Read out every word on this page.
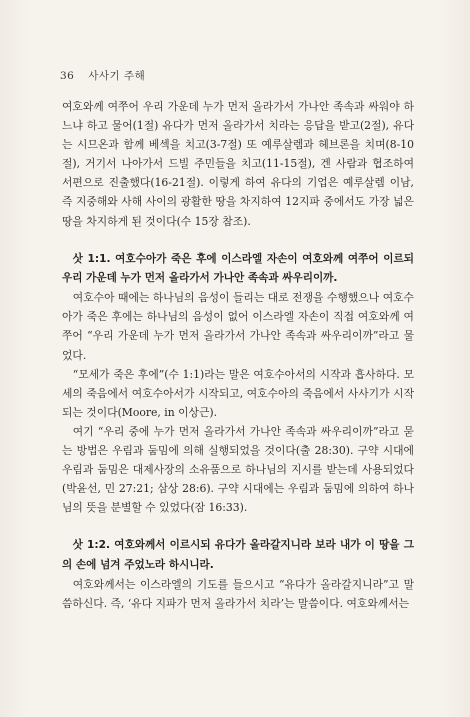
36 사사기 주해

여호와께 여쭈어 우리 가운데 누가 먼저 올라가서 가나안 족속과 싸워야 하느냐 하고 물어(1절) 유다가 먼저 올라가서 치라는 응답을 받고(2절), 유다는 시므온과 함께 베섹을 치고(3-7절) 또 예루살렘과 헤브론을 치며(8-10절), 거기서 나아가서 드빌 주민들을 치고(11-15절), 겐 사람과 협조하여 서편으로 진출했다(16-21절). 이렇게 하여 유다의 기업은 예루살렘 이남, 즉 지중해와 사해 사이의 광활한 땅을 차지하여 12지파 중에서도 가장 넓은 땅을 차지하게 된 것이다(수 15장 참조).

삿 1:1. 여호수아가 죽은 후에 이스라엘 자손이 여호와께 여쭈어 이르되 우리 가운데 누가 먼저 올라가서 가나안 족속과 싸우리이까.

여호수아 때에는 하나님의 음성이 들리는 대로 전쟁을 수행했으나 여호수아가 죽은 후에는 하나님의 음성이 없어 이스라엘 자손이 직접 여호와께 여쭈어 “우리 가운데 누가 먼저 올라가서 가나안 족속과 싸우리이까”라고 물었다.

“모세가 죽은 후에”(수 1:1)라는 말은 여호수아서의 시작과 흡사하다. 모세의 죽음에서 여호수아서가 시작되고, 여호수아의 죽음에서 사사기가 시작되는 것이다(Moore, in 이상근).

여기 “우리 중에 누가 먼저 올라가서 가나안 족속과 싸우리이까”라고 묻는 방법은 우림과 둠밈에 의해 실행되었을 것이다(출 28:30). 구약 시대에 우림과 둠밈은 대제사장의 소유품으로 하나님의 지시를 받는데 사용되었다(박윤선, 민 27:21; 삼상 28:6). 구약 시대에는 우림과 둠밈에 의하여 하나님의 뜻을 분별할 수 있었다(잠 16:33).

삿 1:2. 여호와께서 이르시되 유다가 올라갈지니라 보라 내가 이 땅을 그의 손에 넘겨 주었노라 하시니라.

여호와께서는 이스라엘의 기도를 들으시고 “유다가 올라갈지니라”고 말씀하신다. 즉, ‘유다 지파가 먼저 올라가서 치라’는 말씀이다. 여호와께서는
